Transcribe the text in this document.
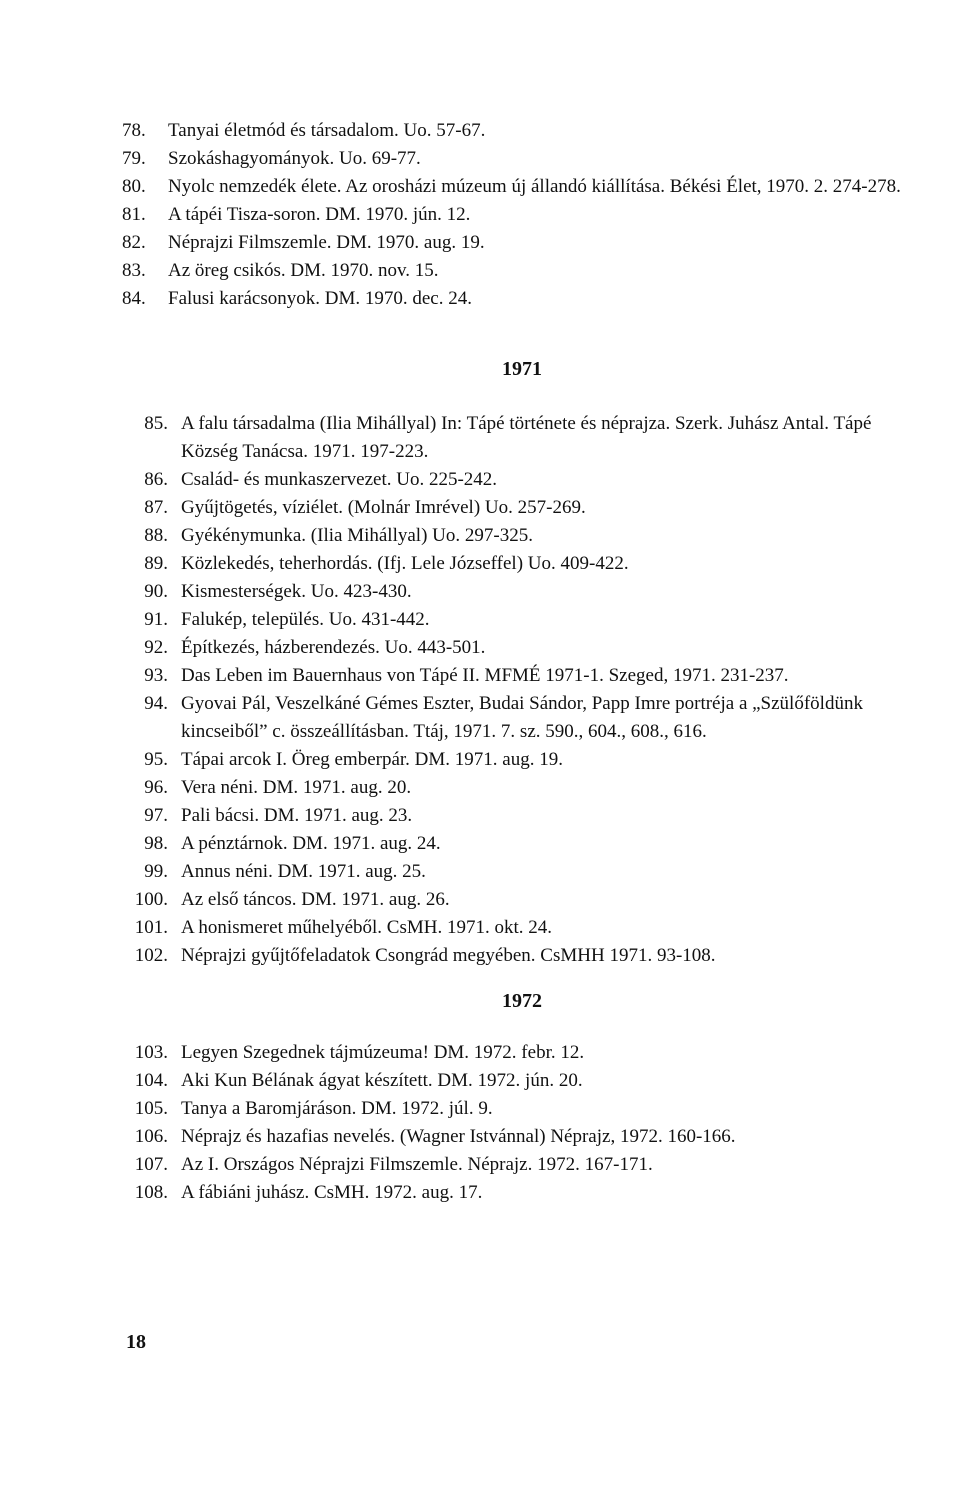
78.	Tanyai életmód és társadalom. Uo. 57-67.
79.	Szokáshagyományok. Uo. 69-77.
80.	Nyolc nemzedék élete. Az orosházi múzeum új állandó kiállítása. Békési Élet, 1970. 2. 274-278.
81.	A tápéi Tisza-soron. DM. 1970. jún. 12.
82.	Néprajzi Filmszemle. DM. 1970. aug. 19.
83.	Az öreg csikós. DM. 1970. nov. 15.
84.	Falusi karácsonyok. DM. 1970. dec. 24.
1971
85. A falu társadalma (Ilia Mihállyal) In: Tápé története és néprajza. Szerk. Juhász Antal. Tápé Község Tanácsa. 1971. 197-223.
86. Család- és munkaszervezet. Uo. 225-242.
87. Gyűjtögetés, víziélet. (Molnár Imrével) Uo. 257-269.
88. Gyékénymunka. (Ilia Mihállyal) Uo. 297-325.
89. Közlekedés, teherhordás. (Ifj. Lele Józseffel) Uo. 409-422.
90. Kismesterségek. Uo. 423-430.
91. Falukép, település. Uo. 431-442.
92. Építkezés, házberendezés. Uo. 443-501.
93. Das Leben im Bauernhaus von Tápé II. MFMÉ 1971-1. Szeged, 1971. 231-237.
94. Gyovai Pál, Veszelkáné Gémes Eszter, Budai Sándor, Papp Imre portréja a „Szülőföldünk kincseiből” c. összeállításban. Ttáj, 1971. 7. sz. 590., 604., 608., 616.
95. Tápai arcok I. Öreg emberpár. DM. 1971. aug. 19.
96. Vera néni. DM. 1971. aug. 20.
97. Pali bácsi. DM. 1971. aug. 23.
98. A pénztárnok. DM. 1971. aug. 24.
99. Annus néni. DM. 1971. aug. 25.
100. Az első táncos. DM. 1971. aug. 26.
101. A honismeret műhelyéből. CsMH. 1971. okt. 24.
102. Néprajzi gyűjtőfeladatok Csongrád megyében. CsMHH 1971. 93-108.
1972
103. Legyen Szegednek tájmúzeuma! DM. 1972. febr. 12.
104. Aki Kun Bélának ágyat készített. DM. 1972. jún. 20.
105. Tanya a Baromjáráson. DM. 1972. júl. 9.
106. Néprajz és hazafias nevelés. (Wagner Istvánnal) Néprajz, 1972. 160-166.
107. Az I. Országos Néprajzi Filmszemle. Néprajz. 1972. 167-171.
108. A fábiáni juhász. CsMH. 1972. aug. 17.
18
